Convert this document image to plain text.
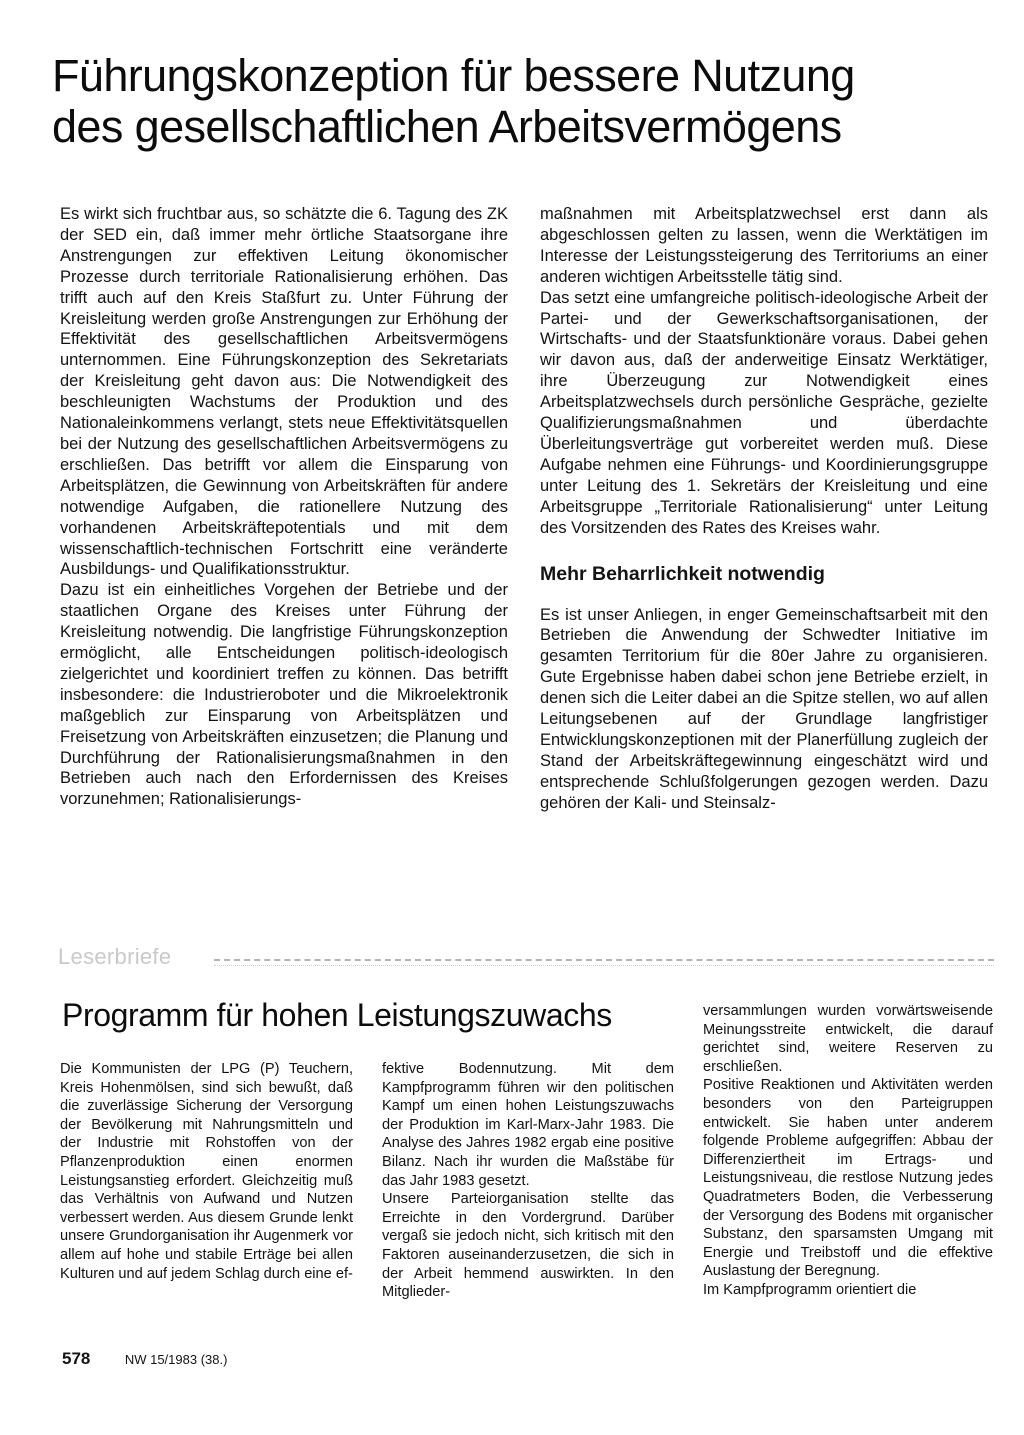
Führungskonzeption für bessere Nutzung
des gesellschaftlichen Arbeitsvermögens

Es wirkt sich fruchtbar aus, so schätzte die 6. Tagung des ZK der SED ein, daß immer mehr örtliche Staatsorgane ihre Anstrengungen zur effektiven Leitung ökonomischer Prozesse durch territoriale Rationalisierung erhöhen. Das trifft auch auf den Kreis Staßfurt zu. Unter Führung der Kreisleitung werden große Anstrengungen zur Erhöhung der Effektivität des gesellschaftlichen Arbeitsvermögens unternommen. Eine Führungskonzeption des Sekretariats der Kreisleitung geht davon aus: Die Notwendigkeit des beschleunigten Wachstums der Produktion und des Nationaleinkommens verlangt, stets neue Effektivitätsquellen bei der Nutzung des gesellschaftlichen Arbeitsvermögens zu erschließen. Das betrifft vor allem die Einsparung von Arbeitsplätzen, die Gewinnung von Arbeitskräften für andere notwendige Aufgaben, die rationellere Nutzung des vorhandenen Arbeitskräftepotentials und mit dem wissenschaftlich-technischen Fortschritt eine veränderte Ausbildungs- und Qualifikationsstruktur.

Dazu ist ein einheitliches Vorgehen der Betriebe und der staatlichen Organe des Kreises unter Führung der Kreisleitung notwendig. Die langfristige Führungskonzeption ermöglicht, alle Entscheidungen politisch-ideologisch zielgerichtet und koordiniert treffen zu können. Das betrifft insbesondere: die Industrieroboter und die Mikroelektronik maßgeblich zur Einsparung von Arbeitsplätzen und Freisetzung von Arbeitskräften einzusetzen; die Planung und Durchführung der Rationalisierungsmaßnahmen in den Betrieben auch nach den Erfordernissen des Kreises vorzunehmen; Rationalisierungs-

maßnahmen mit Arbeitsplatzwechsel erst dann als abgeschlossen gelten zu lassen, wenn die Werktätigen im Interesse der Leistungssteigerung des Territoriums an einer anderen wichtigen Arbeitsstelle tätig sind.

Das setzt eine umfangreiche politisch-ideologische Arbeit der Partei- und der Gewerkschaftsorganisationen, der Wirtschafts- und der Staatsfunktionäre voraus. Dabei gehen wir davon aus, daß der anderweitige Einsatz Werktätiger, ihre Überzeugung zur Notwendigkeit eines Arbeitsplatzwechsels durch persönliche Gespräche, gezielte Qualifizierungsmaßnahmen und überdachte Überleitungsverträge gut vorbereitet werden muß. Diese Aufgabe nehmen eine Führungs- und Koordinierungsgruppe unter Leitung des 1. Sekretärs der Kreisleitung und eine Arbeitsgruppe „Territoriale Rationalisierung“ unter Leitung des Vorsitzenden des Rates des Kreises wahr.

Mehr Beharrlichkeit notwendig

Es ist unser Anliegen, in enger Gemeinschaftsarbeit mit den Betrieben die Anwendung der Schwedter Initiative im gesamten Territorium für die 80er Jahre zu organisieren. Gute Ergebnisse haben dabei schon jene Betriebe erzielt, in denen sich die Leiter dabei an die Spitze stellen, wo auf allen Leitungsebenen auf der Grundlage langfristiger Entwicklungskonzeptionen mit der Planerfüllung zugleich der Stand der Arbeitskräftegewinnung eingeschätzt wird und entsprechende Schlußfolgerungen gezogen werden. Dazu gehören der Kali- und Steinsalz-

Leserbriefe
Programm für hohen Leistungszuwachs

Die Kommunisten der LPG (P) Teuchern, Kreis Hohenmölsen, sind sich bewußt, daß die zuverlässige Sicherung der Versorgung der Bevölkerung mit Nahrungsmitteln und der Industrie mit Rohstoffen von der Pflanzenproduktion einen enormen Leistungsanstieg erfordert. Gleichzeitig muß das Verhältnis von Aufwand und Nutzen verbessert werden. Aus diesem Grunde lenkt unsere Grundorganisation ihr Augenmerk vor allem auf hohe und stabile Erträge bei allen Kulturen und auf jedem Schlag durch eine ef-

fektive Bodennutzung. Mit dem Kampfprogramm führen wir den politischen Kampf um einen hohen Leistungszuwachs der Produktion im Karl-Marx-Jahr 1983. Die Analyse des Jahres 1982 ergab eine positive Bilanz. Nach ihr wurden die Maßstäbe für das Jahr 1983 gesetzt.

Unsere Parteiorganisation stellte das Erreichte in den Vordergrund. Darüber vergaß sie jedoch nicht, sich kritisch mit den Faktoren auseinanderzusetzen, die sich in der Arbeit hemmend auswirkten. In den Mitglieder-

versammlungen wurden vorwärtsweisende Meinungsstreite entwickelt, die darauf gerichtet sind, weitere Reserven zu erschließen.

Positive Reaktionen und Aktivitäten werden besonders von den Parteigruppen entwickelt. Sie haben unter anderem folgende Probleme aufgegriffen: Abbau der Differenziertheit im Ertrags- und Leistungsniveau, die restlose Nutzung jedes Quadratmeters Boden, die Verbesserung der Versorgung des Bodens mit organischer Substanz, den sparsamsten Umgang mit Energie und Treibstoff und die effektive Auslastung der Beregnung.

Im Kampfprogramm orientiert die

578	NW 15/1983 (38.)
